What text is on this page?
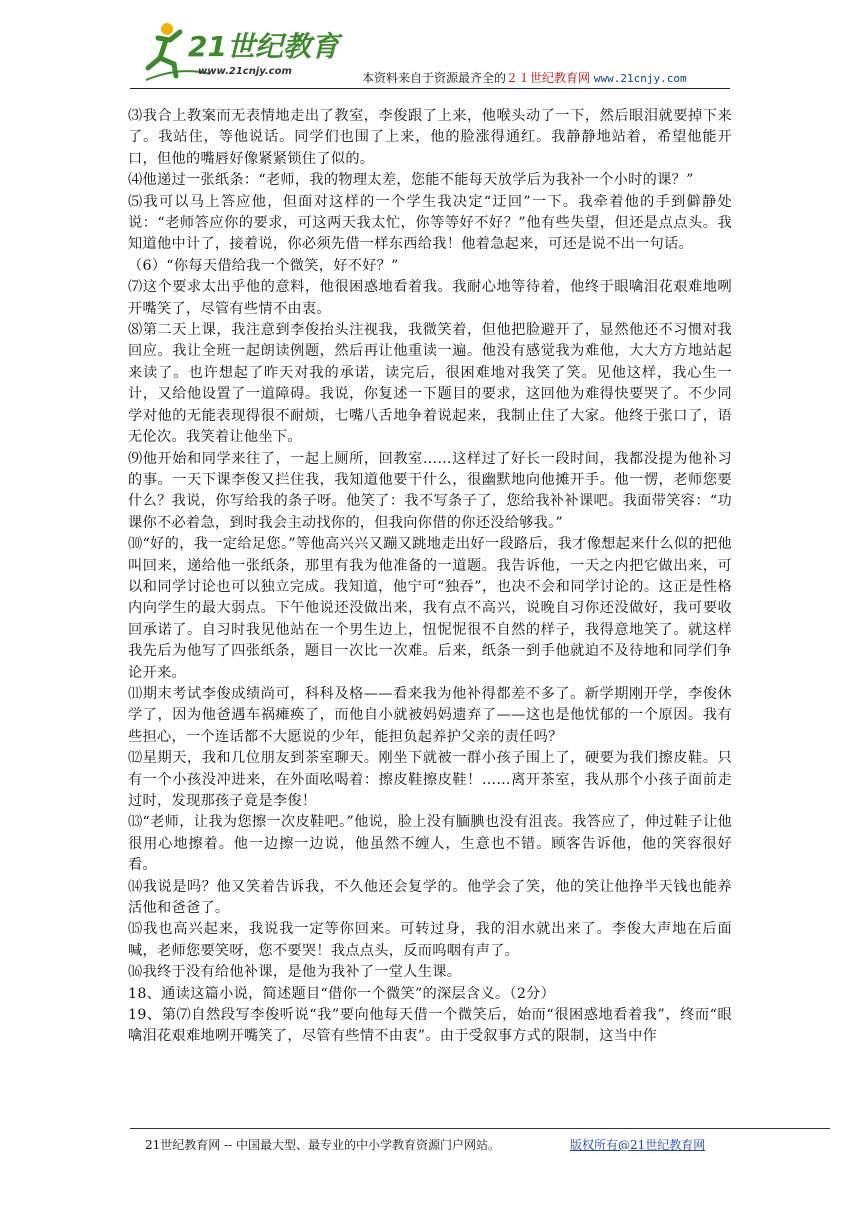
21世纪教育
www.21cnjy.com	本资料来自于资源最齐全的２１世纪教育网 www.21cnjy.com

⑶我合上教案而无表情地走出了教室，李俊跟了上来，他喉头动了一下，然后眼泪就要掉下来了。我站住，等他说话。同学们也围了上来，他的脸涨得通红。我静静地站着，希望他能开口，但他的嘴唇好像紧紧锁住了似的。

⑷他递过一张纸条：“老师，我的物理太差，您能不能每天放学后为我补一个小时的课？”

⑸我可以马上答应他，但面对这样的一个学生我决定“迂回”一下。我牵着他的手到僻静处说：“老师答应你的要求，可这两天我太忙，你等等好不好？”他有些失望，但还是点点头。我知道他中计了，接着说，你必须先借一样东西给我！他着急起来，可还是说不出一句话。

（6）“你每天借给我一个微笑，好不好？”

⑺这个要求太出乎他的意料，他很困惑地看着我。我耐心地等待着，他终于眼噙泪花艰难地咧开嘴笑了，尽管有些情不由衷。

⑻第二天上课，我注意到李俊抬头注视我，我微笑着，但他把脸避开了，显然他还不习惯对我回应。我让全班一起朗读例题，然后再让他重读一遍。他没有感觉我为难他，大大方方地站起来读了。也许想起了昨天对我的承诺，读完后，很困难地对我笑了笑。见他这样，我心生一计，又给他设置了一道障碍。我说，你复述一下题目的要求，这回他为难得快要哭了。不少同学对他的无能表现得很不耐烦，七嘴八舌地争着说起来，我制止住了大家。他终于张口了，语无伦次。我笑着让他坐下。

⑼他开始和同学来往了，一起上厕所，回教室……这样过了好长一段时间，我都没提为他补习的事。一天下课李俊又拦住我，我知道他要干什么，很幽默地向他摊开手。他一愣，老师您要什么？我说，你写给我的条子呀。他笑了：我不写条子了，您给我补补课吧。我面带笑容：“功课你不必着急，到时我会主动找你的，但我向你借的你还没给够我。”

⑽“好的，我一定给足您。”等他高兴兴又蹦又跳地走出好一段路后，我才像想起来什么似的把他叫回来，递给他一张纸条，那里有我为他准备的一道题。我告诉他，一天之内把它做出来，可以和同学讨论也可以独立完成。我知道，他宁可“独吞”，也决不会和同学讨论的。这正是性格内向学生的最大弱点。下午他说还没做出来，我有点不高兴，说晚自习你还没做好，我可要收回承诺了。自习时我见他站在一个男生边上，忸怩怩很不自然的样子，我得意地笑了。就这样我先后为他写了四张纸条，题目一次比一次难。后来，纸条一到手他就迫不及待地和同学们争论开来。

⑾期末考试李俊成绩尚可，科科及格——看来我为他补得都差不多了。新学期刚开学，李俊休学了，因为他爸遇车祸瘫痪了，而他自小就被妈妈遗弃了——这也是他忧郁的一个原因。我有些担心，一个连话都不大愿说的少年，能担负起养护父亲的责任吗？

⑿星期天，我和几位朋友到茶室聊天。刚坐下就被一群小孩子围上了，硬要为我们擦皮鞋。只有一个小孩没冲进来，在外面吆喝着：擦皮鞋擦皮鞋！……离开茶室，我从那个小孩子面前走过时，发现那孩子竟是李俊！

⒀“老师，让我为您擦一次皮鞋吧。”他说，脸上没有腼腆也没有沮丧。我答应了，伸过鞋子让他很用心地擦着。他一边擦一边说，他虽然不缠人，生意也不错。顾客告诉他，他的笑容很好看。

⒁我说是吗？他又笑着告诉我，不久他还会复学的。他学会了笑，他的笑让他挣半天钱也能养活他和爸爸了。

⒂我也高兴起来，我说我一定等你回来。可转过身，我的泪水就出来了。李俊大声地在后面喊，老师您要笑呀，您不要哭！我点点头，反而呜咽有声了。

⒃我终于没有给他补课，是他为我补了一堂人生课。

18、通读这篇小说，简述题目“借你一个微笑”的深层含义。（2分）

19、第⑺自然段写李俊听说“我”要向他每天借一个微笑后，始而“很困惑地看着我”，终而“眼噙泪花艰难地咧开嘴笑了，尽管有些情不由衷”。由于受叙事方式的限制，这当中作

21世纪教育网 -- 中国最大型、最专业的中小学教育资源门户网站。	版权所有@21世纪教育网
